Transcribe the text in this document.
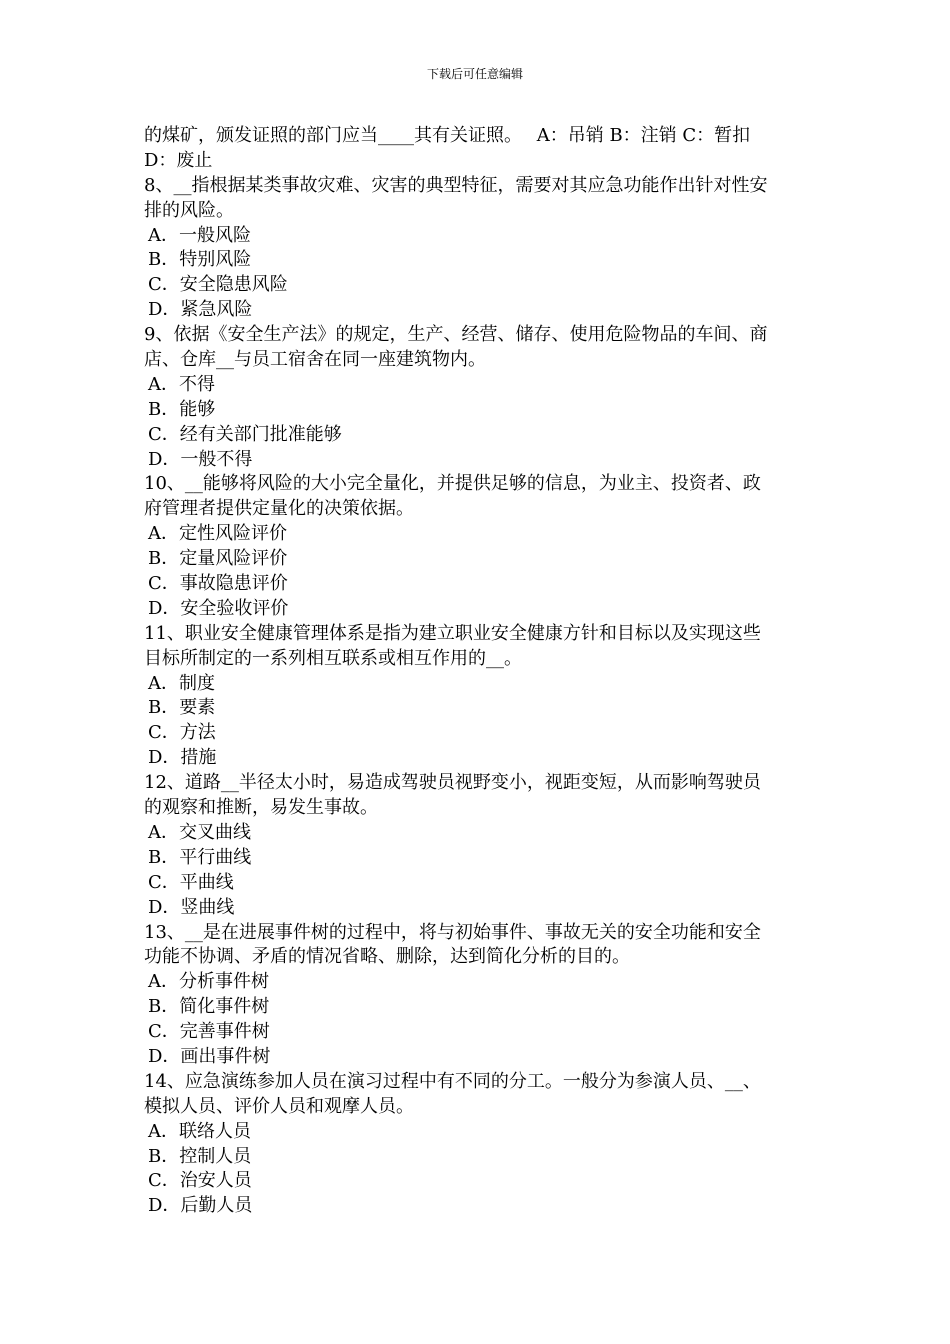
下载后可任意编辑
的煤矿，颁发证照的部门应当____其有关证照。　 A：吊销 B：注销 C：暂扣
D：废止
8、__指根据某类事故灾难、灾害的典型特征，需要对其应急功能作出针对性安
排的风险。
A．一般风险
B．特别风险
C．安全隐患风险
D．紧急风险
9、依据《安全生产法》的规定，生产、经营、储存、使用危险物品的车间、商
店、仓库__与员工宿舍在同一座建筑物内。
A．不得
B．能够
C．经有关部门批准能够
D．一般不得
10、__能够将风险的大小完全量化，并提供足够的信息，为业主、投资者、政
府管理者提供定量化的决策依据。
A．定性风险评价
B．定量风险评价
C．事故隐患评价
D．安全验收评价
11、职业安全健康管理体系是指为建立职业安全健康方针和目标以及实现这些
目标所制定的一系列相互联系或相互作用的__。
A．制度
B．要素
C．方法
D．措施
12、道路__半径太小时，易造成驾驶员视野变小，视距变短，从而影响驾驶员
的观察和推断，易发生事故。
A．交叉曲线
B．平行曲线
C．平曲线
D．竖曲线
13、__是在进展事件树的过程中，将与初始事件、事故无关的安全功能和安全
功能不协调、矛盾的情况省略、删除，达到简化分析的目的。
A．分析事件树
B．简化事件树
C．完善事件树
D．画出事件树
14、应急演练参加人员在演习过程中有不同的分工。一般分为参演人员、__、
模拟人员、评价人员和观摩人员。
A．联络人员
B．控制人员
C．治安人员
D．后勤人员
